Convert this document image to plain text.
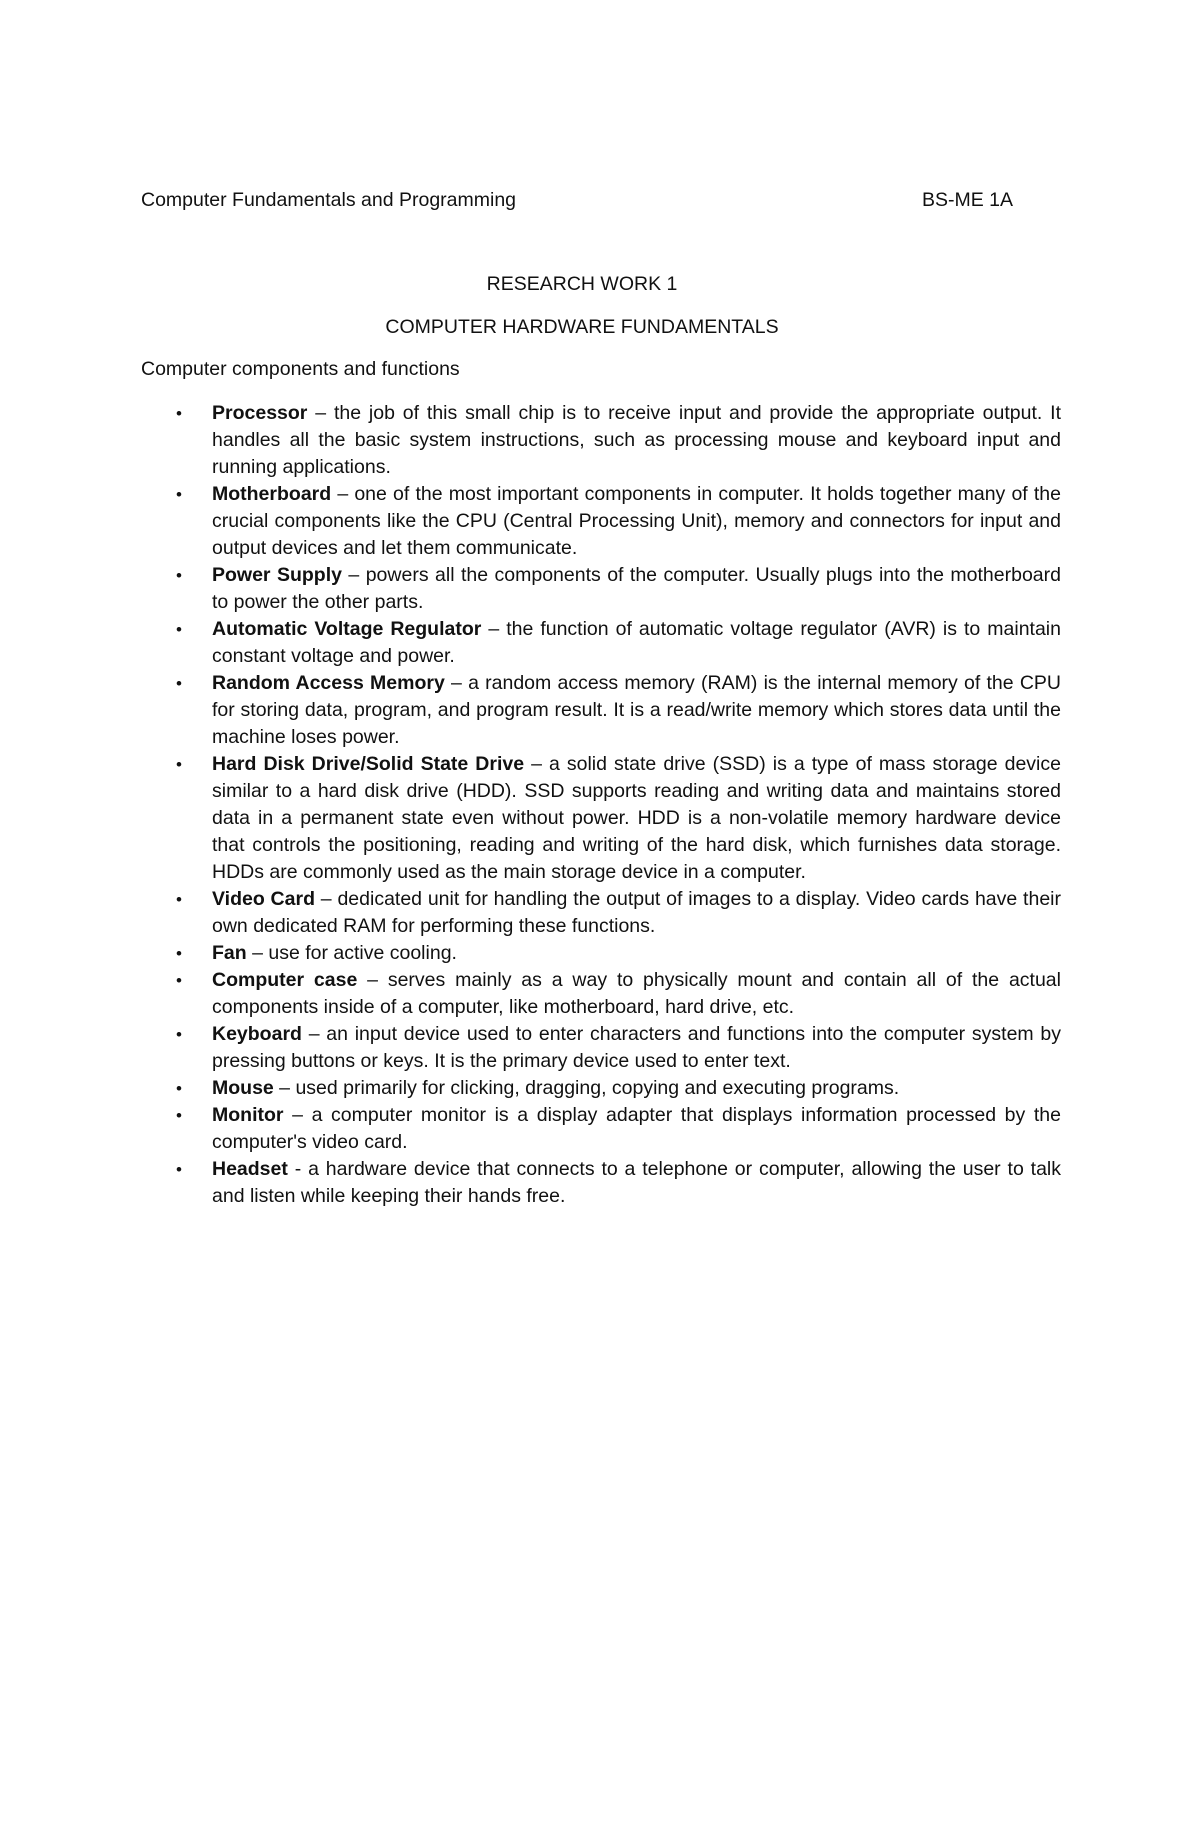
Computer Fundamentals and Programming	BS-ME 1A
RESEARCH WORK 1
COMPUTER HARDWARE FUNDAMENTALS
Computer components and functions
• Processor – the job of this small chip is to receive input and provide the appropriate output. It handles all the basic system instructions, such as processing mouse and keyboard input and running applications.
• Motherboard – one of the most important components in computer. It holds together many of the crucial components like the CPU (Central Processing Unit), memory and connectors for input and output devices and let them communicate.
• Power Supply – powers all the components of the computer. Usually plugs into the motherboard to power the other parts.
• Automatic Voltage Regulator – the function of automatic voltage regulator (AVR) is to maintain constant voltage and power.
• Random Access Memory – a random access memory (RAM) is the internal memory of the CPU for storing data, program, and program result. It is a read/write memory which stores data until the machine loses power.
• Hard Disk Drive/Solid State Drive – a solid state drive (SSD) is a type of mass storage device similar to a hard disk drive (HDD). SSD supports reading and writing data and maintains stored data in a permanent state even without power. HDD is a non-volatile memory hardware device that controls the positioning, reading and writing of the hard disk, which furnishes data storage. HDDs are commonly used as the main storage device in a computer.
• Video Card – dedicated unit for handling the output of images to a display. Video cards have their own dedicated RAM for performing these functions.
• Fan – use for active cooling.
• Computer case – serves mainly as a way to physically mount and contain all of the actual components inside of a computer, like motherboard, hard drive, etc.
• Keyboard – an input device used to enter characters and functions into the computer system by pressing buttons or keys. It is the primary device used to enter text.
• Mouse – used primarily for clicking, dragging, copying and executing programs.
• Monitor – a computer monitor is a display adapter that displays information processed by the computer's video card.
• Headset - a hardware device that connects to a telephone or computer, allowing the user to talk and listen while keeping their hands free.
